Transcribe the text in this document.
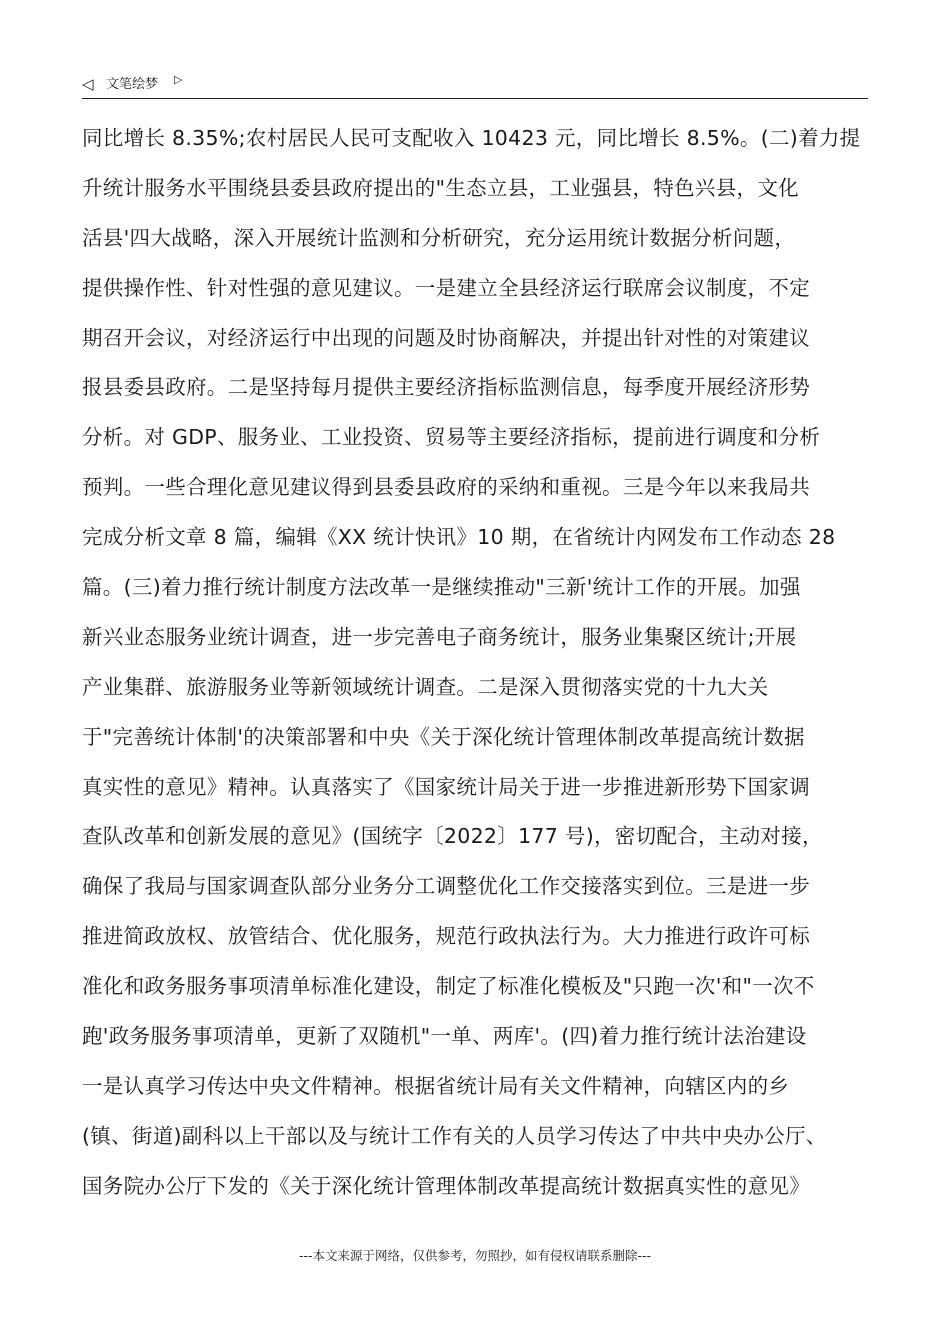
◁ 文笔绘梦 ▷
同比增长 8.35%;农村居民人民可支配收入 10423 元，同比增长 8.5%。(二)着力提
升统计服务水平围绕县委县政府提出的"生态立县，工业强县，特色兴县，文化
活县'四大战略，深入开展统计监测和分析研究，充分运用统计数据分析问题，
提供操作性、针对性强的意见建议。一是建立全县经济运行联席会议制度，不定
期召开会议，对经济运行中出现的问题及时协商解决，并提出针对性的对策建议
报县委县政府。二是坚持每月提供主要经济指标监测信息，每季度开展经济形势
分析。对 GDP、服务业、工业投资、贸易等主要经济指标，提前进行调度和分析
预判。一些合理化意见建议得到县委县政府的采纳和重视。三是今年以来我局共
完成分析文章 8 篇，编辑《XX 统计快讯》10 期，在省统计内网发布工作动态 28
篇。(三)着力推行统计制度方法改革一是继续推动"三新'统计工作的开展。加强
新兴业态服务业统计调查，进一步完善电子商务统计，服务业集聚区统计;开展
产业集群、旅游服务业等新领域统计调查。二是深入贯彻落实党的十九大关
于"完善统计体制'的决策部署和中央《关于深化统计管理体制改革提高统计数据
真实性的意见》精神。认真落实了《国家统计局关于进一步推进新形势下国家调
查队改革和创新发展的意见》(国统字〔2022〕177 号)，密切配合，主动对接，
确保了我局与国家调查队部分业务分工调整优化工作交接落实到位。三是进一步
推进简政放权、放管结合、优化服务，规范行政执法行为。大力推进行政许可标
准化和政务服务事项清单标准化建设，制定了标准化模板及"只跑一次'和"一次不
跑'政务服务事项清单，更新了双随机"一单、两库'。(四)着力推行统计法治建设
一是认真学习传达中央文件精神。根据省统计局有关文件精神，向辖区内的乡
(镇、街道)副科以上干部以及与统计工作有关的人员学习传达了中共中央办公厅、
国务院办公厅下发的《关于深化统计管理体制改革提高统计数据真实性的意见》
---本文来源于网络，仅供参考，勿照抄，如有侵权请联系删除---
